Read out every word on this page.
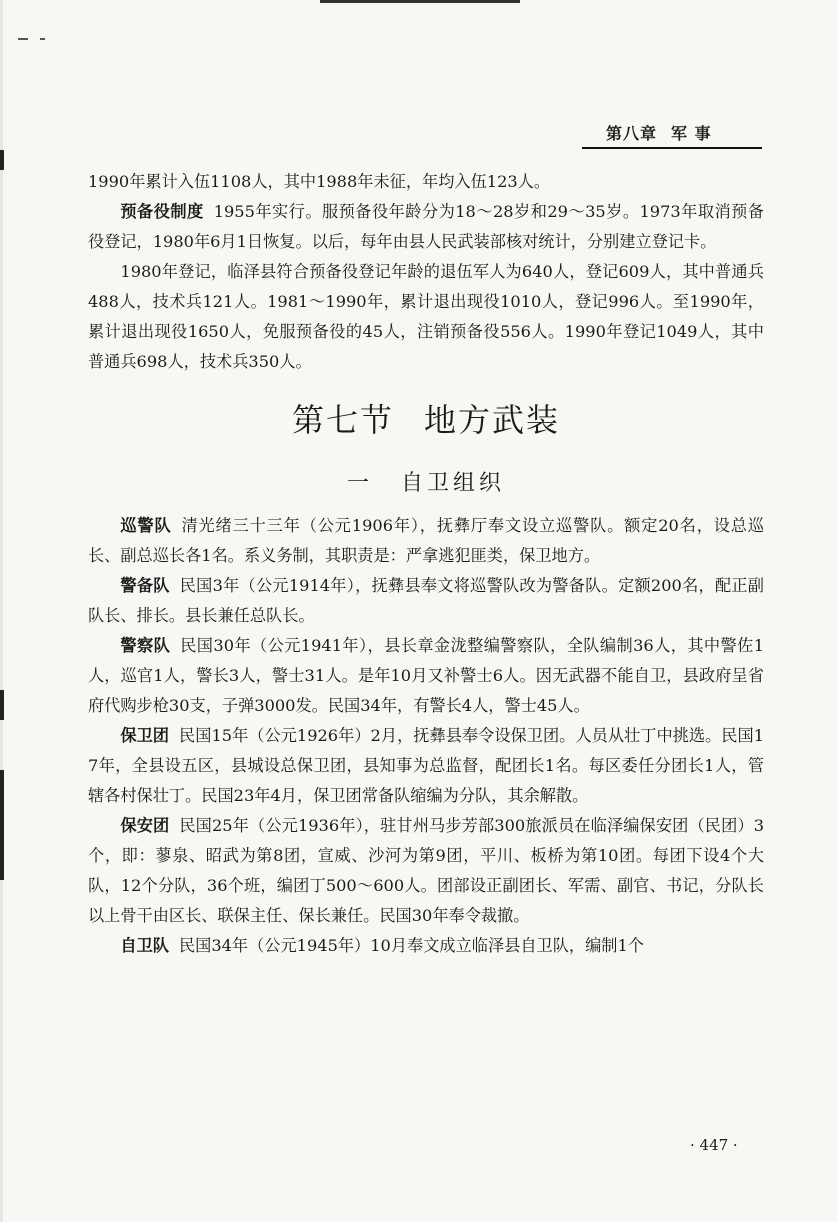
第八章 军 事

1990年累计入伍1108人，其中1988年未征，年均入伍123人。

预备役制度 1955年实行。服预备役年龄分为18～28岁和29～35岁。1973年取消预备役登记，1980年6月1日恢复。以后，每年由县人民武装部核对统计，分别建立登记卡。

1980年登记，临泽县符合预备役登记年龄的退伍军人为640人，登记609人，其中普通兵488人，技术兵121人。1981～1990年，累计退出现役1010人，登记996人。至1990年，累计退出现役1650人，免服预备役的45人，注销预备役556人。1990年登记1049人，其中普通兵698人，技术兵350人。

第七节 地方武装
一 自卫组织

巡警队 清光绪三十三年（公元1906年），抚彝厅奉文设立巡警队。额定20名，设总巡长、副总巡长各1名。系义务制，其职责是：严拿逃犯匪类，保卫地方。

警备队 民国3年（公元1914年），抚彝县奉文将巡警队改为警备队。定额200名，配正副队长、排长。县长兼任总队长。

警察队 民国30年（公元1941年），县长章金泷整编警察队，全队编制36人，其中警佐1人，巡官1人，警长3人，警士31人。是年10月又补警士6人。因无武器不能自卫，县政府呈省府代购步枪30支，子弹3000发。民国34年，有警长4人，警士45人。

保卫团 民国15年（公元1926年）2月，抚彝县奉令设保卫团。人员从壮丁中挑选。民国17年，全县设五区，县城设总保卫团，县知事为总监督，配团长1名。每区委任分团长1人，管辖各村保壮丁。民国23年4月，保卫团常备队缩编为分队，其余解散。

保安团 民国25年（公元1936年），驻甘州马步芳部300旅派员在临泽编保安团（民团）3个，即：蓼泉、昭武为第8团，宣威、沙河为第9团，平川、板桥为第10团。每团下设4个大队，12个分队，36个班，编团丁500～600人。团部设正副团长、军需、副官、书记，分队长以上骨干由区长、联保主任、保长兼任。民国30年奉令裁撤。

自卫队 民国34年（公元1945年）10月奉文成立临泽县自卫队，编制1个

· 447 ·
